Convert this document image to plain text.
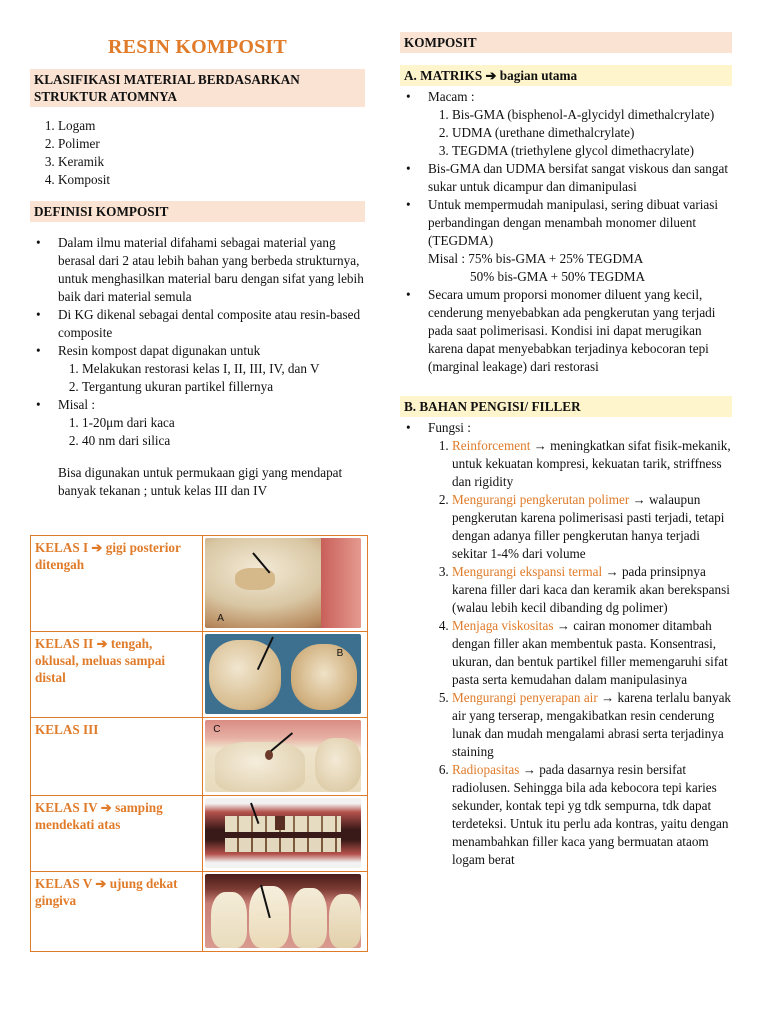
RESIN KOMPOSIT
KLASIFIKASI MATERIAL BERDASARKAN STRUKTUR ATOMNYA
1. Logam
2. Polimer
3. Keramik
4. Komposit
DEFINISI KOMPOSIT
• Dalam ilmu material difahami sebagai material yang berasal dari 2 atau lebih bahan yang berbeda strukturnya, untuk menghasilkan material baru dengan sifat yang lebih baik dari material semula
• Di KG dikenal sebagai dental composite atau resin-based composite
• Resin kompost dapat digunakan untuk
1. Melakukan restorasi kelas I, II, III, IV, dan V
2. Tergantung ukuran partikel fillernya
• Misal :
1. 1-20μm dari kaca
2. 40 nm dari silica

Bisa digunakan untuk permukaan gigi yang mendapat banyak tekanan ; untuk kelas III dan IV

KELAS I ➔ gigi posterior ditengah	A

KELAS II ➔ tengah, oklusal, meluas sampai distal	B

KELAS III	C

KELAS IV ➔ samping mendekati atas	

KELAS V ➔ ujung dekat gingiva	
KOMPOSIT
A. MATRIKS ➔ bagian utama
• Macam :
1. Bis-GMA (bisphenol-A-glycidyl dimethalcrylate)
2. UDMA (urethane dimethalcrylate)
3. TEGDMA (triethylene glycol dimethacrylate)
• Bis-GMA dan UDMA bersifat sangat viskous dan sangat sukar untuk dicampur dan dimanipulasi
• Untuk mempermudah manipulasi, sering dibuat variasi perbandingan dengan menambah monomer diluent (TEGDMA)
Misal : 75% bis-GMA + 25% TEGDMA
50% bis-GMA + 50% TEGDMA
• Secara umum proporsi monomer diluent yang kecil, cenderung menyebabkan ada pengkerutan yang terjadi pada saat polimerisasi. Kondisi ini dapat merugikan karena dapat menyebabkan terjadinya kebocoran tepi (marginal leakage) dari restorasi
B. BAHAN PENGISI/ FILLER
• Fungsi :
1. Reinforcement → meningkatkan sifat fisik-mekanik, untuk kekuatan kompresi, kekuatan tarik, striffness dan rigidity
2. Mengurangi pengkerutan polimer → walaupun pengkerutan karena polimerisasi pasti terjadi, tetapi dengan adanya filler pengkerutan hanya terjadi sekitar 1-4% dari volume
3. Mengurangi ekspansi termal → pada prinsipnya karena filler dari kaca dan keramik akan berekspansi (walau lebih kecil dibanding dg polimer)
4. Menjaga viskositas → cairan monomer ditambah dengan filler akan membentuk pasta. Konsentrasi, ukuran, dan bentuk partikel filler memengaruhi sifat pasta serta kemudahan dalam manipulasinya
5. Mengurangi penyerapan air → karena terlalu banyak air yang terserap, mengakibatkan resin cenderung lunak dan mudah mengalami abrasi serta terjadinya staining
6. Radiopasitas → pada dasarnya resin bersifat radiolusen. Sehingga bila ada kebocora tepi karies sekunder, kontak tepi yg tdk sempurna, tdk dapat terdeteksi. Untuk itu perlu ada kontras, yaitu dengan menambahkan filler kaca yang bermuatan ataom logam berat
